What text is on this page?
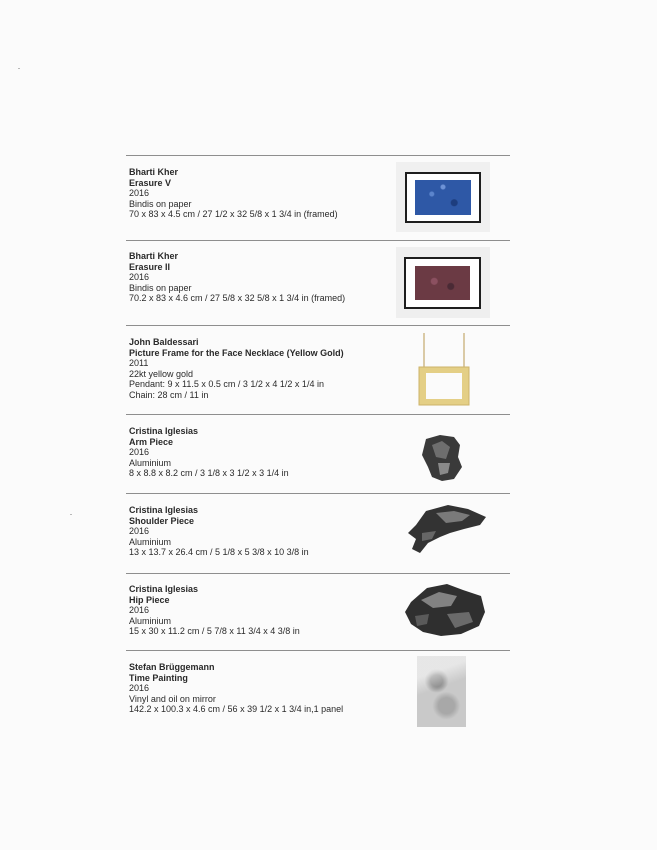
Bharti Kher
Erasure V
2016
Bindis on paper
70 x 83 x 4.5 cm / 27 1/2 x 32 5/8 x 1 3/4 in (framed)
Bharti Kher
Erasure II
2016
Bindis on paper
70.2 x 83 x 4.6 cm / 27 5/8 x 32 5/8 x 1 3/4 in (framed)
John Baldessari
Picture Frame for the Face Necklace (Yellow Gold)
2011
22kt yellow gold
Pendant: 9 x 11.5 x 0.5 cm / 3 1/2 x 4 1/2 x 1/4 in
Chain: 28 cm / 11 in
Cristina Iglesias
Arm Piece
2016
Aluminium
8 x 8.8 x 8.2 cm / 3 1/8 x 3 1/2 x 3 1/4 in
Cristina Iglesias
Shoulder Piece
2016
Aluminium
13 x 13.7 x 26.4 cm / 5 1/8 x 5 3/8 x 10 3/8 in
Cristina Iglesias
Hip Piece
2016
Aluminium
15 x 30 x 11.2 cm / 5 7/8 x 11 3/4 x 4 3/8 in
Stefan Brüggemann
Time Painting
2016
Vinyl and oil on mirror
142.2 x 100.3 x 4.6 cm / 56 x 39 1/2 x 1 3/4 in,1 panel
